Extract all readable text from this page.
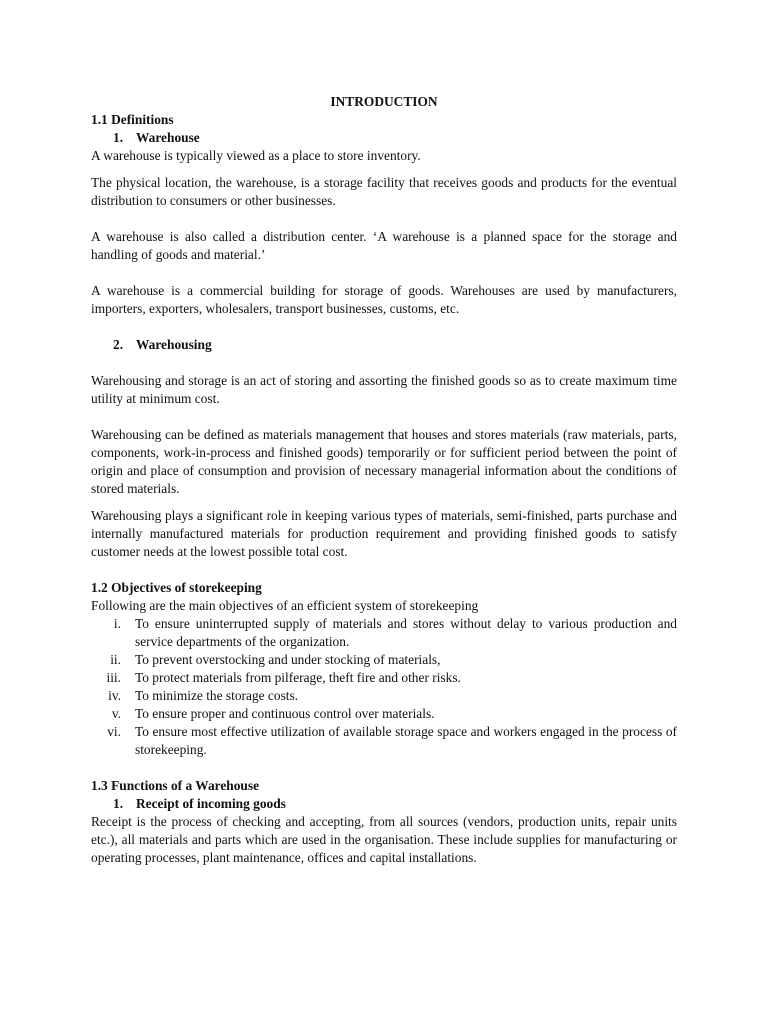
INTRODUCTION
1.1 Definitions
1. Warehouse

A warehouse is typically viewed as a place to store inventory.

The physical location, the warehouse, is a storage facility that receives goods and products for the eventual distribution to consumers or other businesses.

A warehouse is also called a distribution center. ‘A warehouse is a planned space for the storage and handling of goods and material.’

A warehouse is a commercial building for storage of goods. Warehouses are used by manufacturers, importers, exporters, wholesalers, transport businesses, customs, etc.

2. Warehousing

Warehousing and storage is an act of storing and assorting the finished goods so as to create maximum time utility at minimum cost.

Warehousing can be defined as materials management that houses and stores materials (raw materials, parts, components, work-in-process and finished goods) temporarily or for sufficient period between the point of origin and place of consumption and provision of necessary managerial information about the conditions of stored materials.

Warehousing plays a significant role in keeping various types of materials, semi-finished, parts purchase and internally manufactured materials for production requirement and providing finished goods to satisfy customer needs at the lowest possible total cost.

1.2 Objectives of storekeeping

Following are the main objectives of an efficient system of storekeeping

i. To ensure uninterrupted supply of materials and stores without delay to various production and service departments of the organization.
ii. To prevent overstocking and under stocking of materials,
iii. To protect materials from pilferage, theft fire and other risks.
iv. To minimize the storage costs.
v. To ensure proper and continuous control over materials.
vi. To ensure most effective utilization of available storage space and workers engaged in the process of storekeeping.
1.3 Functions of a Warehouse
1. Receipt of incoming goods

Receipt is the process of checking and accepting, from all sources (vendors, production units, repair units etc.), all materials and parts which are used in the organisation. These include supplies for manufacturing or operating processes, plant maintenance, offices and capital installations.
